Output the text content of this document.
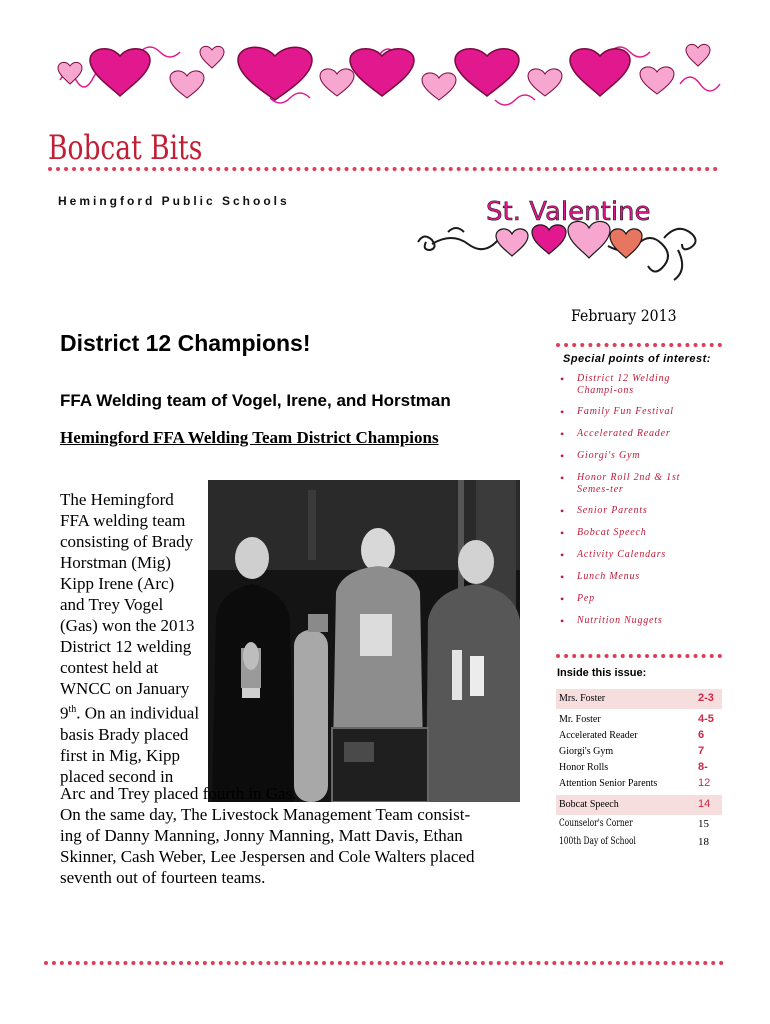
Bobcat Bits
Hemingford Public Schools	St. Valentine
February 2013
District 12 Champions!
FFA Welding team of Vogel, Irene, and Horstman
Hemingford FFA Welding Team District Champions
The Hemingford
FFA welding team
consisting of Brady
Horstman (Mig)
Kipp Irene (Arc)
and Trey Vogel
(Gas) won the 2013
District 12 welding
contest held at
WNCC on January
9th. On an individual
basis Brady placed
first in Mig, Kipp
placed second in
Arc and Trey placed fourth in Gas.
On the same day, The Livestock Management Team consist-
ing of Danny Manning, Jonny Manning, Matt Davis, Ethan
Skinner, Cash Weber, Lee Jespersen and Cole Walters placed
seventh out of fourteen teams.
Special points of interest:
• District 12 Welding Champi-ons
• Family Fun Festival
• Accelerated Reader
• Giorgi's Gym
• Honor Roll 2nd & 1st Semes-ter
• Senior Parents
• Bobcat Speech
• Activity Calendars
• Lunch Menus
• Pep
• Nutrition Nuggets
Inside this issue:
Mrs. Foster	2-3
Mr. Foster	4-5
Accelerated Reader	6
Giorgi's Gym	7
Honor Rolls	8-
Attention Senior Parents	12
Bobcat Speech	14
Counselor's Corner	15
100th Day of School	18
